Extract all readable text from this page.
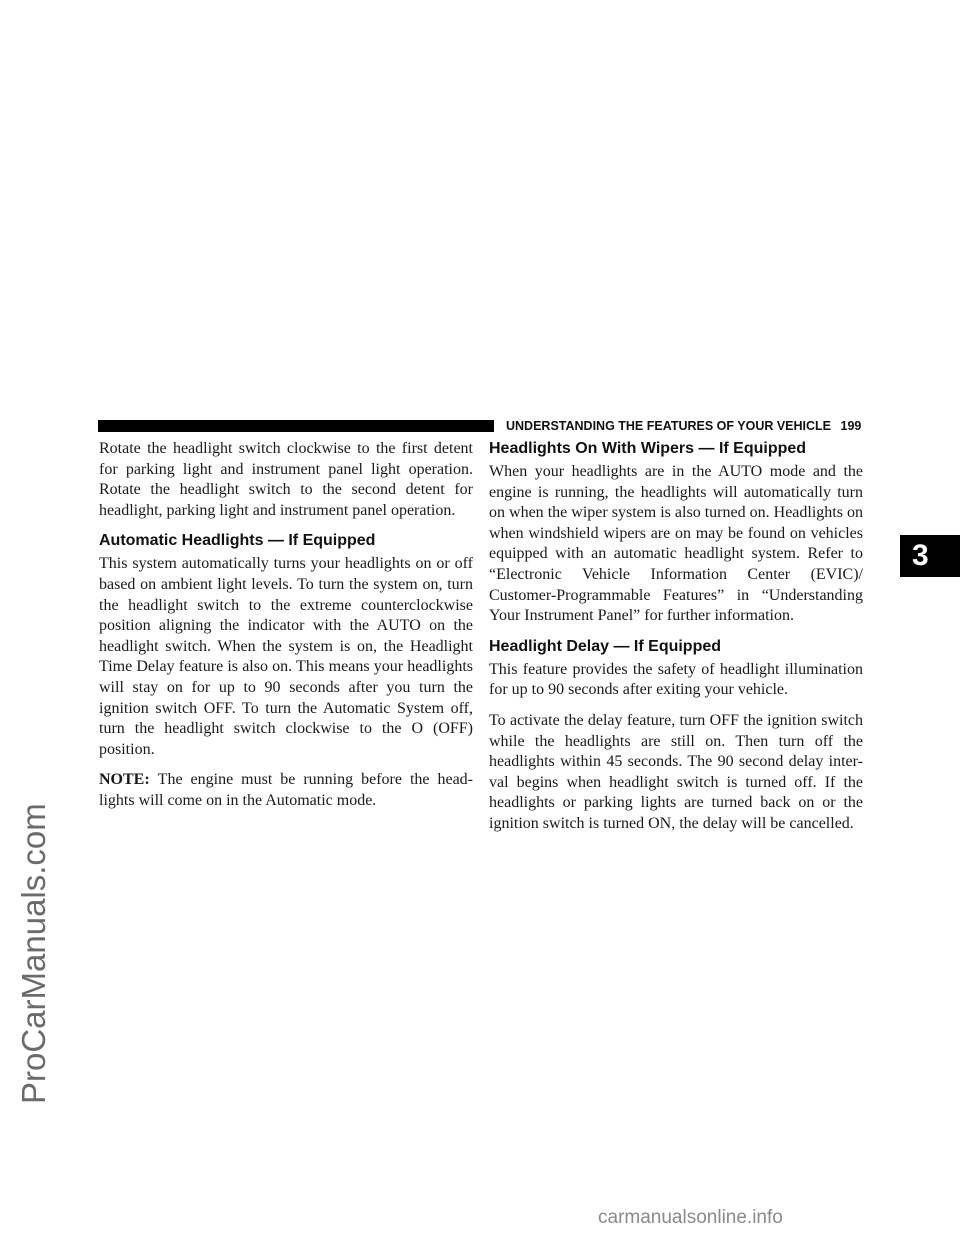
ProCarManuals.com
UNDERSTANDING THE FEATURES OF YOUR VEHICLE 199

Rotate the headlight switch clockwise to the first detent for parking light and instrument panel light operation. Rotate the headlight switch to the second detent for headlight, parking light and instrument panel operation.

Automatic Headlights — If Equipped

This system automatically turns your headlights on or off based on ambient light levels. To turn the system on, turn the headlight switch to the extreme counterclockwise position aligning the indicator with the AUTO on the headlight switch. When the system is on, the Headlight Time Delay feature is also on. This means your headlights will stay on for up to 90 seconds after you turn the ignition switch OFF. To turn the Automatic System off, turn the headlight switch clockwise to the O (OFF) position.

NOTE: The engine must be running before the head-lights will come on in the Automatic mode.

Headlights On With Wipers — If Equipped

When your headlights are in the AUTO mode and the engine is running, the headlights will automatically turn on when the wiper system is also turned on. Headlights on when windshield wipers are on may be found on vehicles equipped with an automatic headlight system. Refer to “Electronic Vehicle Information Center (EVIC)/ Customer-Programmable Features” in “Understanding Your Instrument Panel” for further information.

Headlight Delay — If Equipped

This feature provides the safety of headlight illumination for up to 90 seconds after exiting your vehicle.

To activate the delay feature, turn OFF the ignition switch while the headlights are still on. Then turn off the headlights within 45 seconds. The 90 second delay inter-val begins when headlight switch is turned off. If the headlights or parking lights are turned back on or the ignition switch is turned ON, the delay will be cancelled.

3
carmanualsonline.info
